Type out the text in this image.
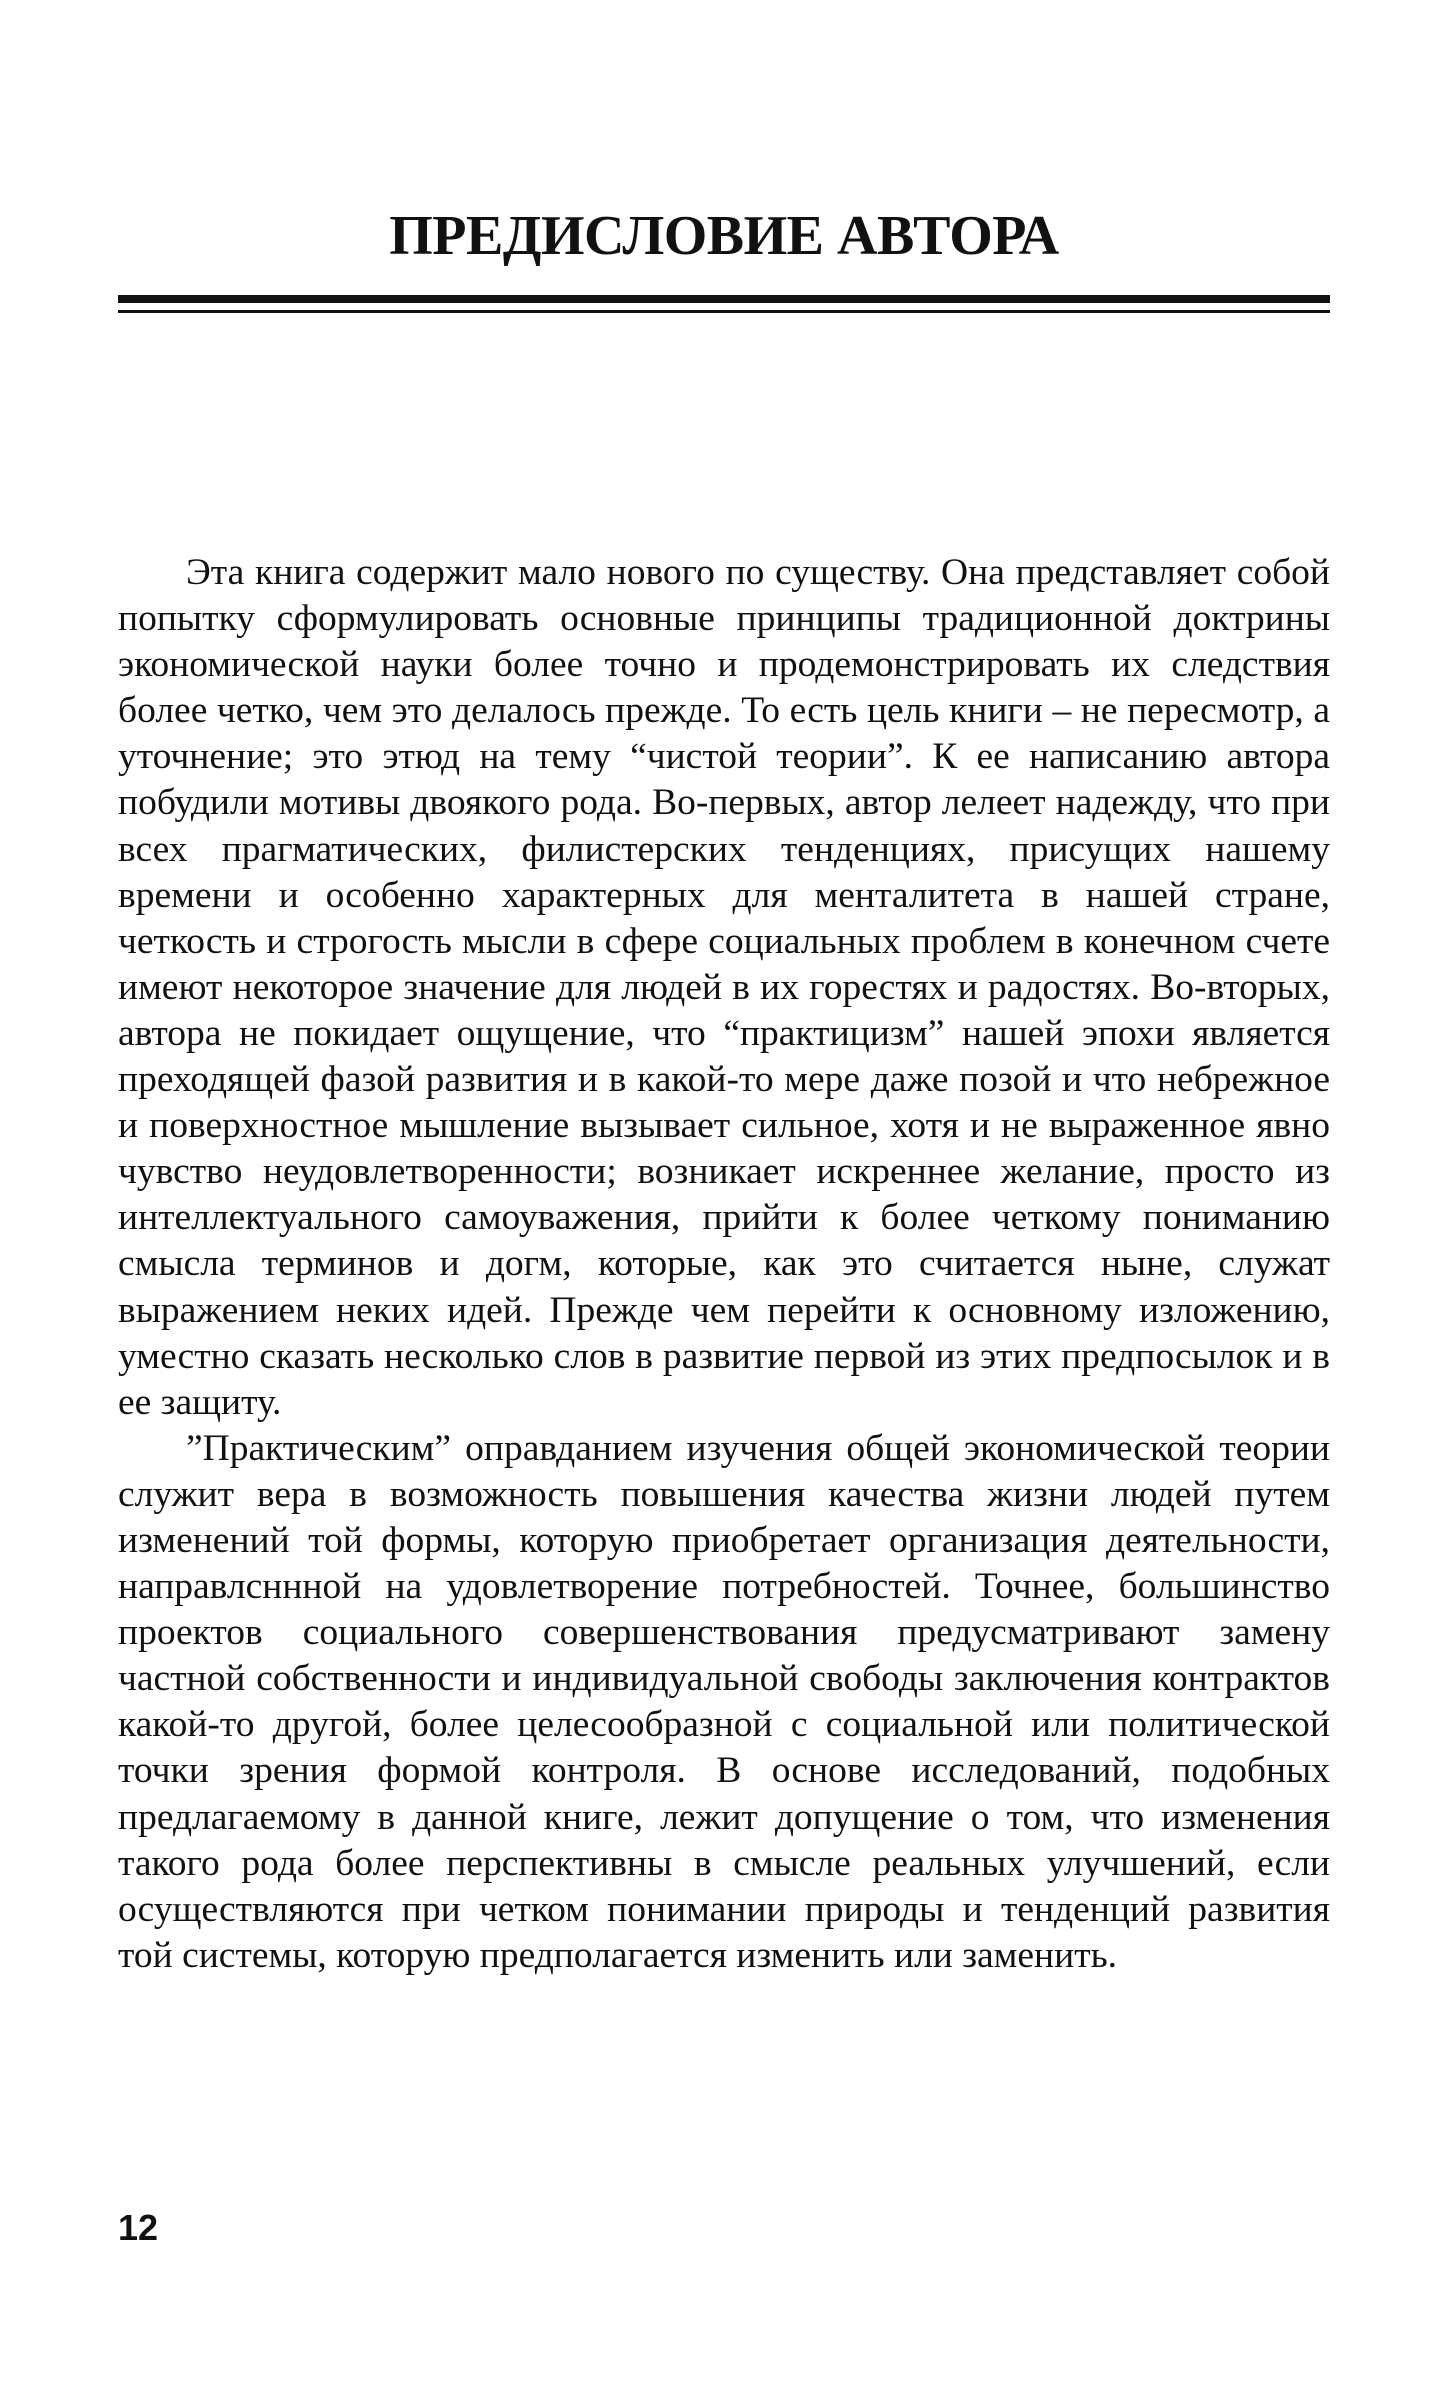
ПРЕДИСЛОВИЕ АВТОРА

Эта книга содержит мало нового по существу. Она представляет собой попытку сформулировать основные принципы традиционной доктрины экономической науки более точно и продемонстрировать их следствия более четко, чем это делалось прежде. То есть цель книги – не пересмотр, а уточнение; это этюд на тему “чистой теории”. К ее написанию автора побудили мотивы двоякого рода. Во-первых, автор лелеет надежду, что при всех прагматических, филистерских тенденциях, присущих нашему времени и особенно характерных для менталитета в нашей стране, четкость и строгость мысли в сфере социальных проблем в конечном счете имеют некоторое значение для людей в их горестях и радостях. Во-вторых, автора не покидает ощущение, что “практицизм” нашей эпохи является преходящей фазой развития и в какой-то мере даже позой и что небрежное и поверхностное мышление вызывает сильное, хотя и не выраженное явно чувство неудовлетворенности; возникает искреннее желание, просто из интеллектуального самоуважения, прийти к более четкому пониманию смысла терминов и догм, которые, как это считается ныне, служат выражением неких идей. Прежде чем перейти к основному изложению, уместно сказать несколько слов в развитие первой из этих предпосылок и в ее защиту.

”Практическим” оправданием изучения общей экономической теории служит вера в возможность повышения качества жизни людей путем изменений той формы, которую приобретает организация деятельности, направлсннной на удовлетворение потребностей. Точнее, большинство проектов социального совершенствования предусматривают замену частной собственности и индивидуальной свободы заключения контрактов какой-то другой, более целесообразной с социальной или политической точки зрения формой контроля. В основе исследований, подобных предлагаемому в данной книге, лежит допущение о том, что изменения такого рода более перспективны в смысле реальных улучшений, если осуществляются при четком понимании природы и тенденций развития той системы, которую предполагается изменить или заменить.

12
